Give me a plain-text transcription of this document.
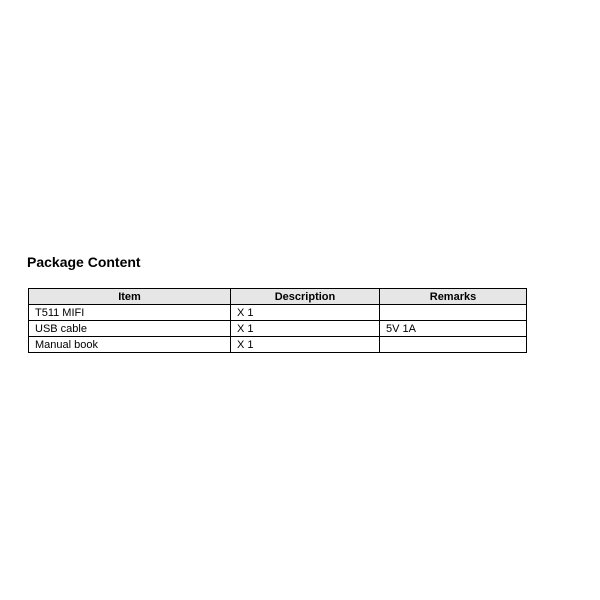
Package Content
Item	Description	Remarks
T511 MIFI	X 1	
USB cable	X 1	5V 1A
Manual book	X 1	
